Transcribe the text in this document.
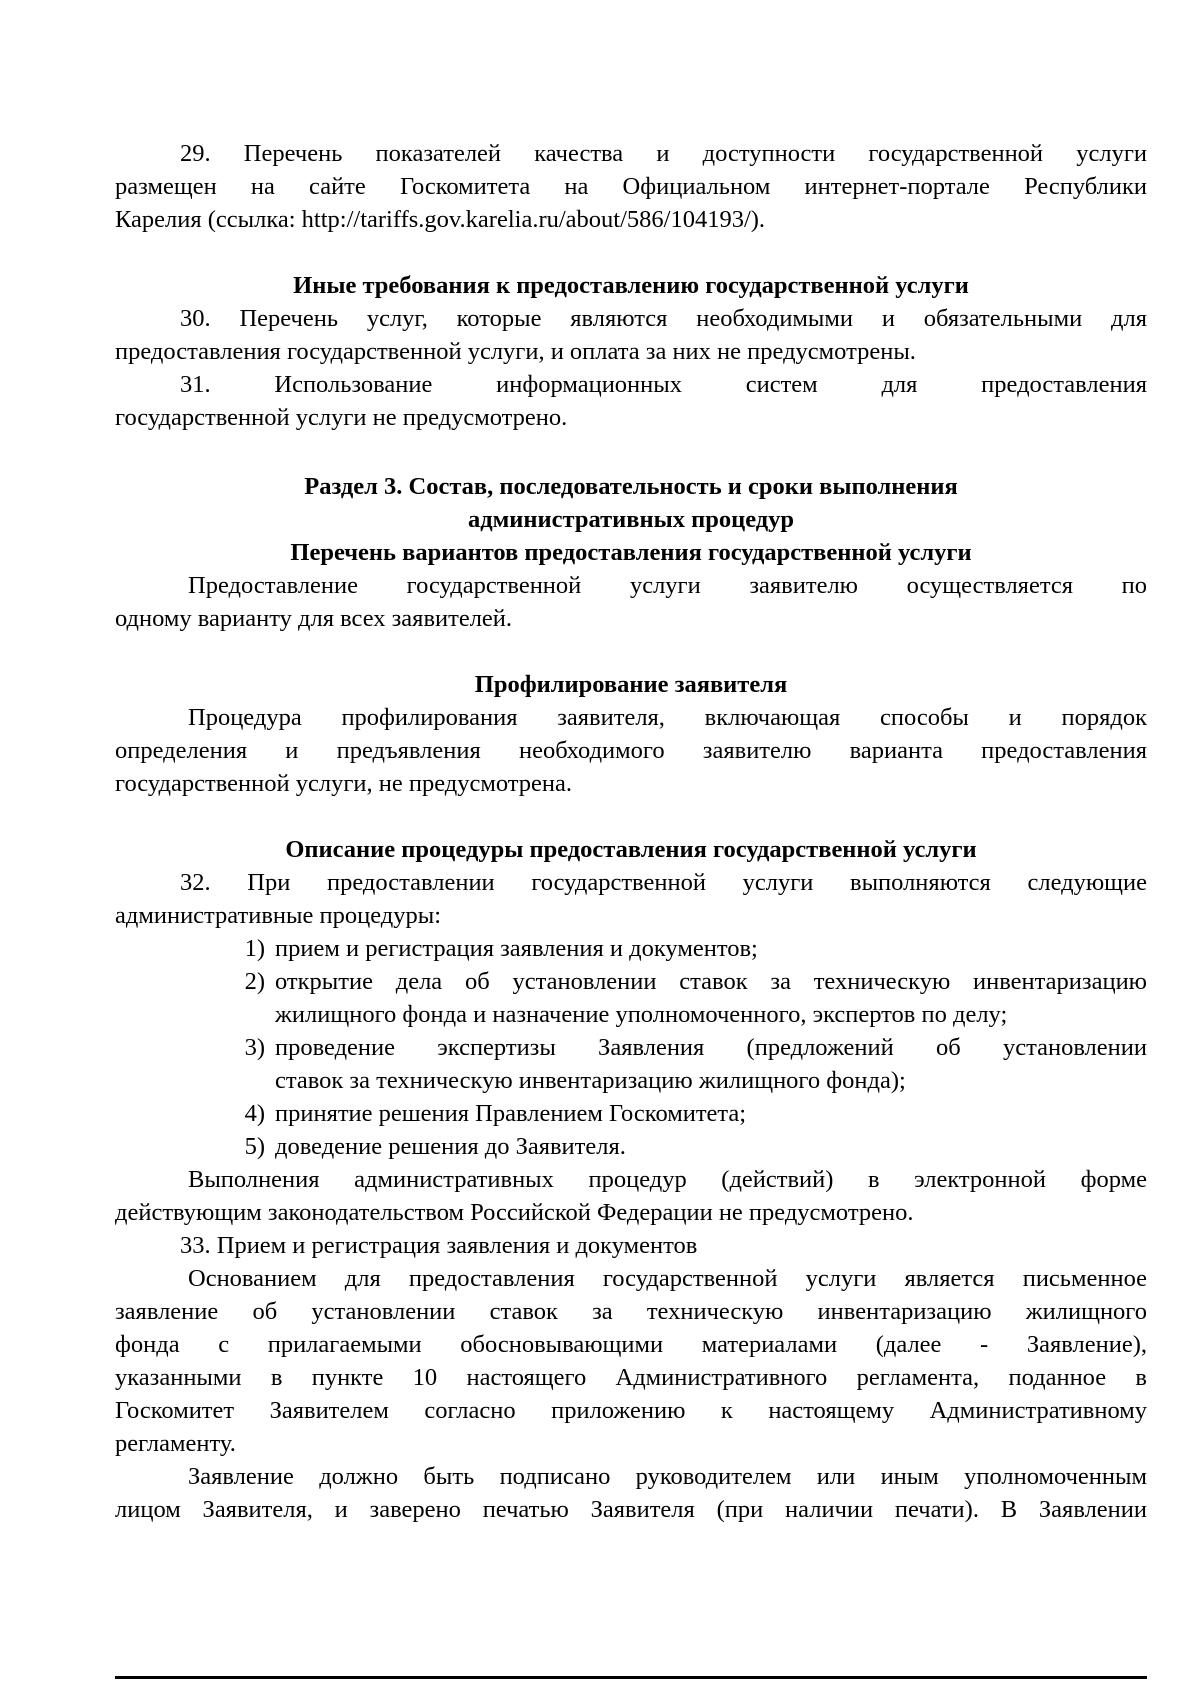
29. Перечень показателей качества и доступности государственной услуги

размещен на сайте Госкомитета на Официальном интернет-портале Республики

Карелия (ссылка: http://tariffs.gov.karelia.ru/about/586/104193/).

Иные требования к предоставлению государственной услуги

30. Перечень услуг, которые являются необходимыми и обязательными для

предоставления государственной услуги, и оплата за них не предусмотрены.

31. Использование информационных систем для предоставления

государственной услуги не предусмотрено.

Раздел 3. Состав, последовательность и сроки выполнения

административных процедур

Перечень вариантов предоставления государственной услуги

Предоставление государственной услуги заявителю осуществляется по

одному варианту для всех заявителей.

Профилирование заявителя

Процедура профилирования заявителя, включающая способы и порядок

определения и предъявления необходимого заявителю варианта предоставления

государственной услуги, не предусмотрена.

Описание процедуры предоставления государственной услуги

32. При предоставлении государственной услуги выполняются следующие

административные процедуры:

1) прием и регистрация заявления и документов;
2) открытие дела об установлении ставок за техническую инвентаризацию
жилищного фонда и назначение уполномоченного, экспертов по делу;
3) проведение экспертизы Заявления (предложений об установлении
ставок за техническую инвентаризацию жилищного фонда);
4) принятие решения Правлением Госкомитета;
5) доведение решения до Заявителя.

Выполнения административных процедур (действий) в электронной форме

действующим законодательством Российской Федерации не предусмотрено.

33. Прием и регистрация заявления и документов

Основанием для предоставления государственной услуги является письменное

заявление об установлении ставок за техническую инвентаризацию жилищного

фонда с прилагаемыми обосновывающими материалами (далее - Заявление),

указанными в пункте 10 настоящего Административного регламента, поданное в

Госкомитет Заявителем согласно приложению к настоящему Административному

регламенту.

Заявление должно быть подписано руководителем или иным уполномоченным

лицом Заявителя, и заверено печатью Заявителя (при наличии печати). В Заявлении
